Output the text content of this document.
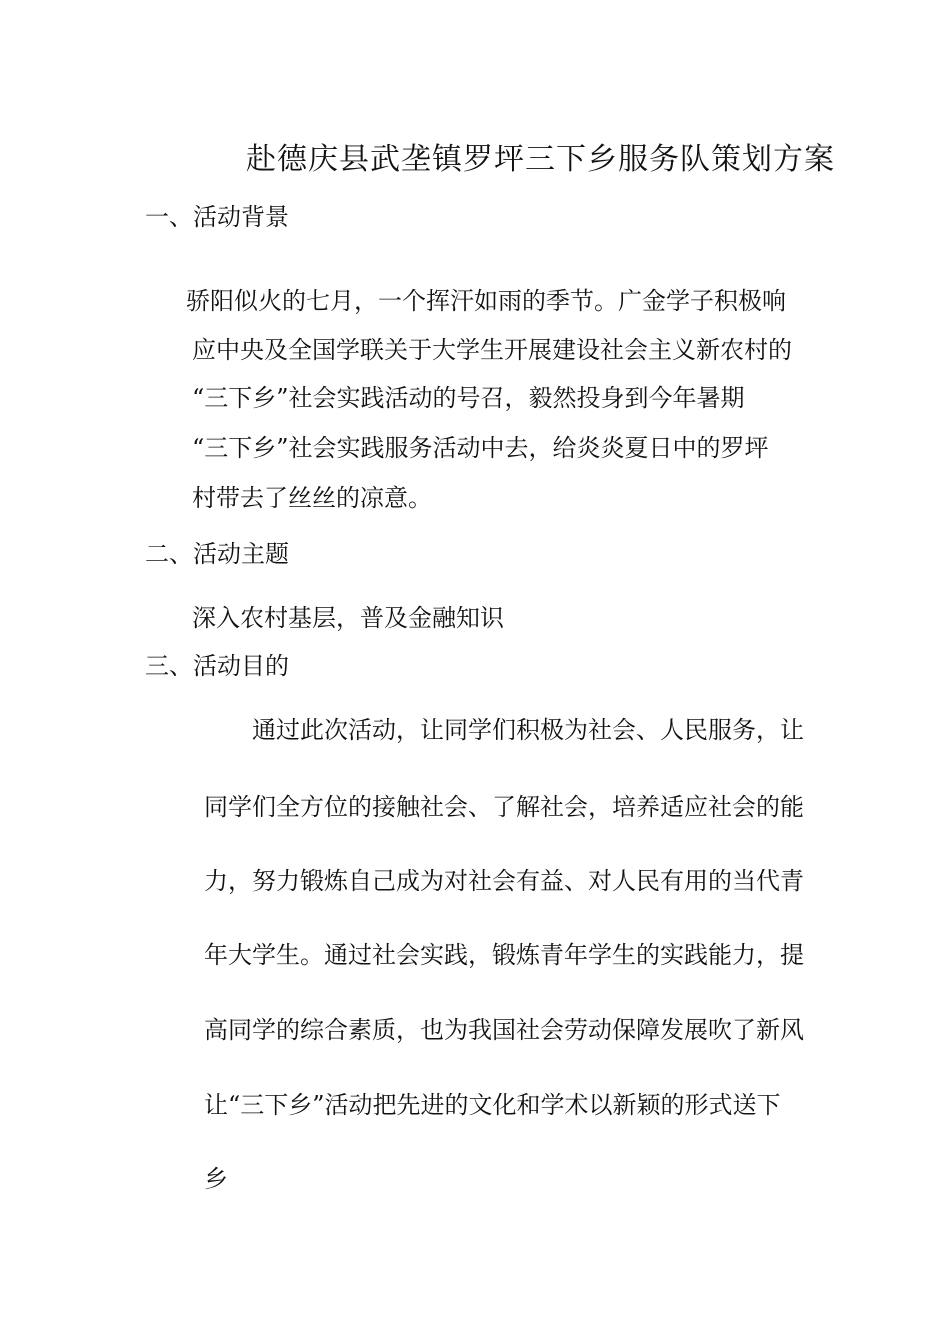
赴德庆县武垄镇罗坪三下乡服务队策划方案
一、活动背景
骄阳似火的七月，一个挥汗如雨的季节。广金学子积极响
应中央及全国学联关于大学生开展建设社会主义新农村的
“三下乡”社会实践活动的号召，毅然投身到今年暑期
“三下乡”社会实践服务活动中去，给炎炎夏日中的罗坪
村带去了丝丝的凉意。
二、活动主题
深入农村基层，普及金融知识
三、活动目的
通过此次活动，让同学们积极为社会、人民服务，让
同学们全方位的接触社会、了解社会，培养适应社会的能
力，努力锻炼自己成为对社会有益、对人民有用的当代青
年大学生。通过社会实践，锻炼青年学生的实践能力，提
高同学的综合素质，也为我国社会劳动保障发展吹了新风
让“三下乡”活动把先进的文化和学术以新颖的形式送下
乡
